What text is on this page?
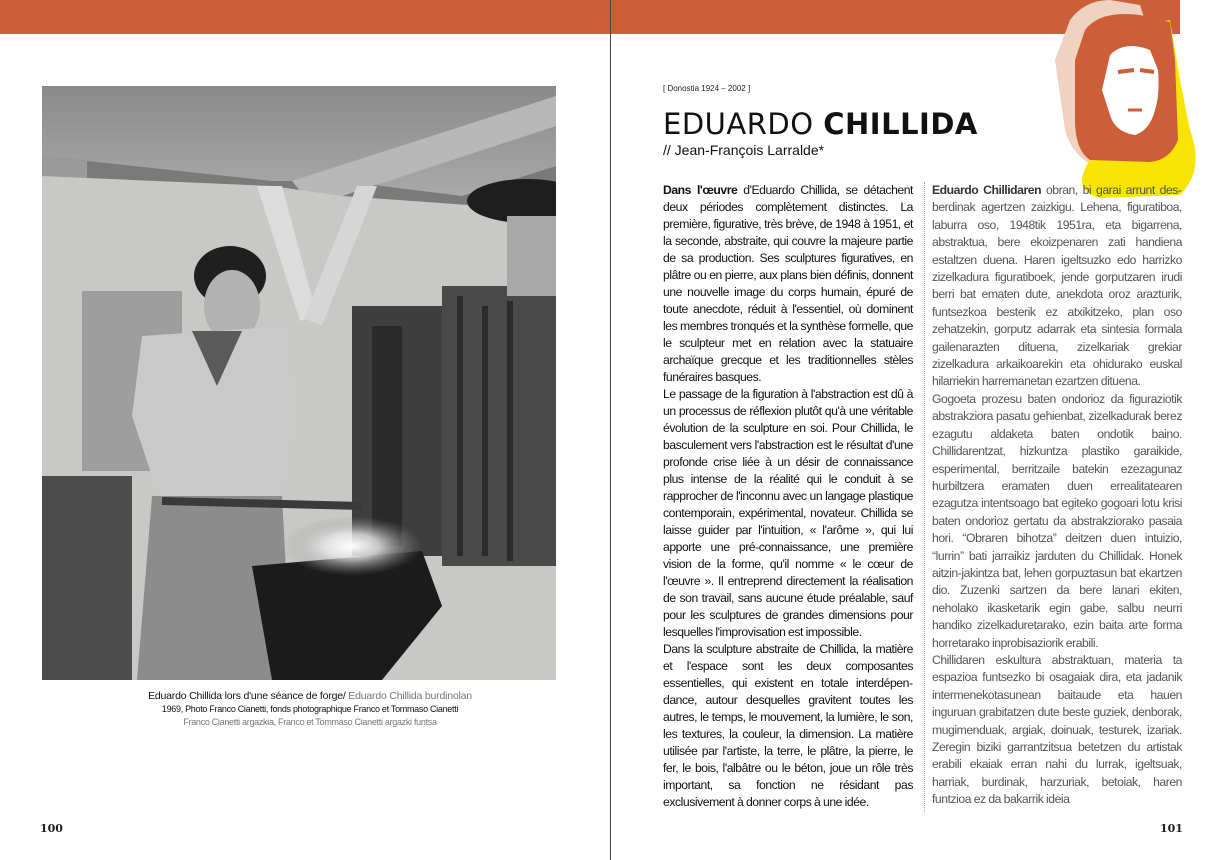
Eduardo Chillida lors d'une séance de forge/ Eduardo Chillida burdinolan
1969, Photo Franco Cianetti, fonds photographique Franco et Tommaso Cianetti
Franco Cianetti argazkia, Franco et Tommaso Cianetti argazki funtsa
100
[ Donostia 1924 – 2002 ]
EDUARDO CHILLIDA
// Jean-François Larralde*

Dans l'œuvre d'Eduardo Chillida, se détachent deux périodes complètement distinctes. La première, figurative, très brève, de 1948 à 1951, et la seconde, abstraite, qui couvre la majeure partie de sa production. Ses sculptures figuratives, en plâtre ou en pierre, aux plans bien définis, donnent une nouvelle image du corps humain, épuré de toute anecdote, réduit à l'essentiel, où dominent les membres tronqués et la synthèse formelle, que le sculpteur met en relation avec la statuaire archaïque grecque et les traditionnelles stèles funéraires basques.

Le passage de la figuration à l'abstraction est dû à un processus de réflexion plutôt qu'à une véritable évolution de la sculpture en soi. Pour Chillida, le basculement vers l'abstraction est le résultat d'une profonde crise liée à un désir de connaissance plus intense de la réalité qui le conduit à se rapprocher de l'inconnu avec un langage plastique contemporain, expérimental, novateur. Chillida se laisse guider par l'intuition, « l'arôme », qui lui apporte une pré-connaissance, une première vision de la forme, qu'il nomme « le cœur de l'œuvre ». Il entreprend directement la réalisation de son travail, sans aucune étude préalable, sauf pour les sculptures de grandes dimensions pour lesquelles l'improvisation est impossible.

Dans la sculpture abstraite de Chillida, la matière et l'espace sont les deux composantes essentielles, qui existent en totale interdépendance, autour desquelles gravitent toutes les autres, le temps, le mouvement, la lumière, le son, les textures, la couleur, la dimension. La matière utilisée par l'artiste, la terre, le plâtre, la pierre, le fer, le bois, l'albâtre ou le béton, joue un rôle très important, sa fonction ne résidant pas exclusivement à donner corps à une idée.

Eduardo Chillidaren obran, bi garai arrunt desberdinak agertzen zaizkigu. Lehena, figuratiboa, laburra oso, 1948tik 1951ra, eta bigarrena, abstraktua, bere ekoizpenaren zati handiena estaltzen duena. Haren igeltsuzko edo harrizko zizelkadura figuratiboek, jende gorputzaren irudi berri bat ematen dute, anekdota oroz arazturik, funtsezkoa besterik ez atxikitzeko, plan oso zehatzekin, gorputz adarrak eta sintesia formala gailenarazten dituena, zizelkariak grekiar zizelkadura arkaikoarekin eta ohidurako euskal hilarriekin harremanetan ezartzen dituena.

Gogoeta prozesu baten ondorioz da figuraziotik abstrakziora pasatu gehienbat, zizelkadurak berez ezagutu aldaketa baten ondotik baino. Chillidarentzat, hizkuntza plastiko garaikide, esperimental, berritzaile batekin ezezagunaz hurbiltzera eramaten duen errealitatearen ezagutza intentsoago bat egiteko gogoari lotu krisi baten ondorioz gertatu da abstrakziorako pasaia hori. “Obraren bihotza” deitzen duen intuizio, “lurrin” bati jarraikiz jarduten du Chillidak. Honek aitzin-jakintza bat, lehen gorpuztasun bat ekartzen dio. Zuzenki sartzen da bere lanari ekiten, neholako ikasketarik egin gabe, salbu neurri handiko zizelkaduretarako, ezin baita arte forma horretarako inprobisaziorik erabili.

Chillidaren eskultura abstraktuan, materia ta espazioa funtsezko bi osagaiak dira, eta jadanik intermenekotasunean baitaude eta hauen inguruan grabitatzen dute beste guziek, denborak, mugimenduak, argiak, doinuak, testurek, izariak. Zeregin biziki garrantzitsua betetzen du artistak erabili ekaiak erran nahi du lurrak, igeltsuak, harriak, burdinak, harzuriak, betoiak, haren funtzioa ez da bakarrik ideia

101
